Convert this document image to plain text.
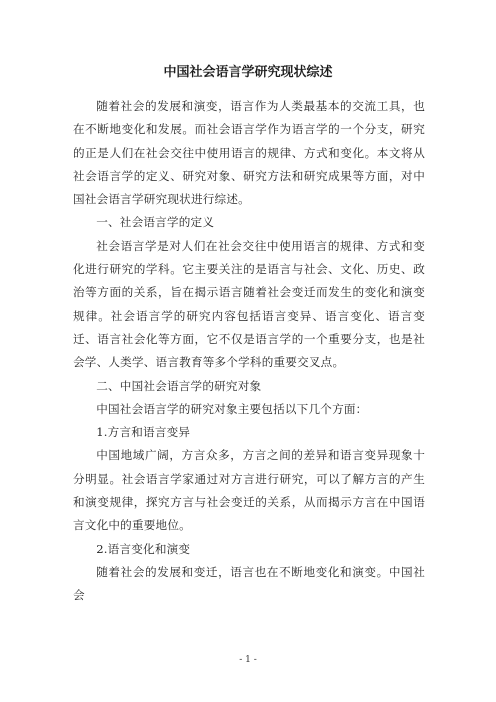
中国社会语言学研究现状综述

随着社会的发展和演变，语言作为人类最基本的交流工具，也在不断地变化和发展。而社会语言学作为语言学的一个分支，研究的正是人们在社会交往中使用语言的规律、方式和变化。本文将从社会语言学的定义、研究对象、研究方法和研究成果等方面，对中国社会语言学研究现状进行综述。

一、社会语言学的定义

社会语言学是对人们在社会交往中使用语言的规律、方式和变化进行研究的学科。它主要关注的是语言与社会、文化、历史、政治等方面的关系，旨在揭示语言随着社会变迁而发生的变化和演变规律。社会语言学的研究内容包括语言变异、语言变化、语言变迁、语言社会化等方面，它不仅是语言学的一个重要分支，也是社会学、人类学、语言教育等多个学科的重要交叉点。

二、中国社会语言学的研究对象

中国社会语言学的研究对象主要包括以下几个方面：

1.方言和语言变异

中国地域广阔，方言众多，方言之间的差异和语言变异现象十分明显。社会语言学家通过对方言进行研究，可以了解方言的产生和演变规律，探究方言与社会变迁的关系，从而揭示方言在中国语言文化中的重要地位。

2.语言变化和演变

随着社会的发展和变迁，语言也在不断地变化和演变。中国社会

- 1 -
